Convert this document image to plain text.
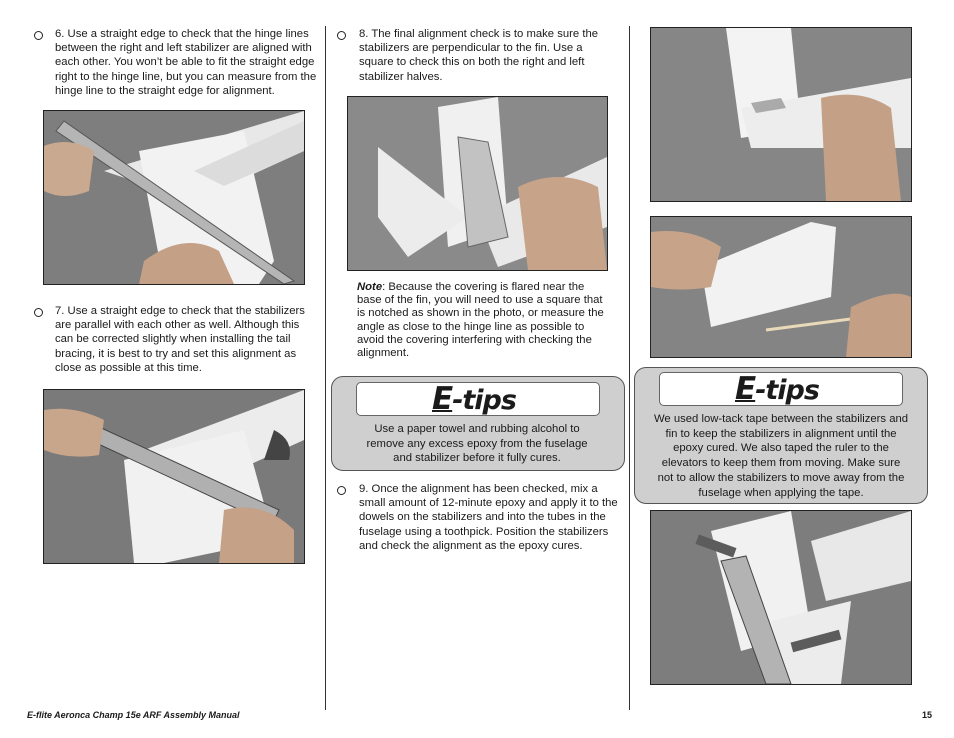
6. Use a straight edge to check that the hinge lines between the right and left stabilizer are aligned with each other. You won’t be able to fit the straight edge right to the hinge line, but you can measure from the hinge line to the straight edge for alignment.
7. Use a straight edge to check that the stabilizers are parallel with each other as well. Although this can be corrected slightly when installing the tail bracing, it is best to try and set this alignment as close as possible at this time.
8. The final alignment check is to make sure the stabilizers are perpendicular to the fin. Use a square to check this on both the right and left stabilizer halves.
Note: Because the covering is flared near the base of the fin, you will need to use a square that is notched as shown in the photo, or measure the angle as close to the hinge line as possible to avoid the covering interfering with checking the alignment.
E-tips
Use a paper towel and rubbing alcohol to remove any excess epoxy from the fuselage and stabilizer before it fully cures.
9. Once the alignment has been checked, mix a small amount of 12-minute epoxy and apply it to the dowels on the stabilizers and into the tubes in the fuselage using a toothpick. Position the stabilizers and check the alignment as the epoxy cures.
E-tips
We used low-tack tape between the stabilizers and fin to keep the stabilizers in alignment until the epoxy cured. We also taped the ruler to the elevators to keep them from moving. Make sure not to allow the stabilizers to move away from the fuselage when applying the tape.
E-flite Aeronca Champ 15e ARF Assembly Manual	15
